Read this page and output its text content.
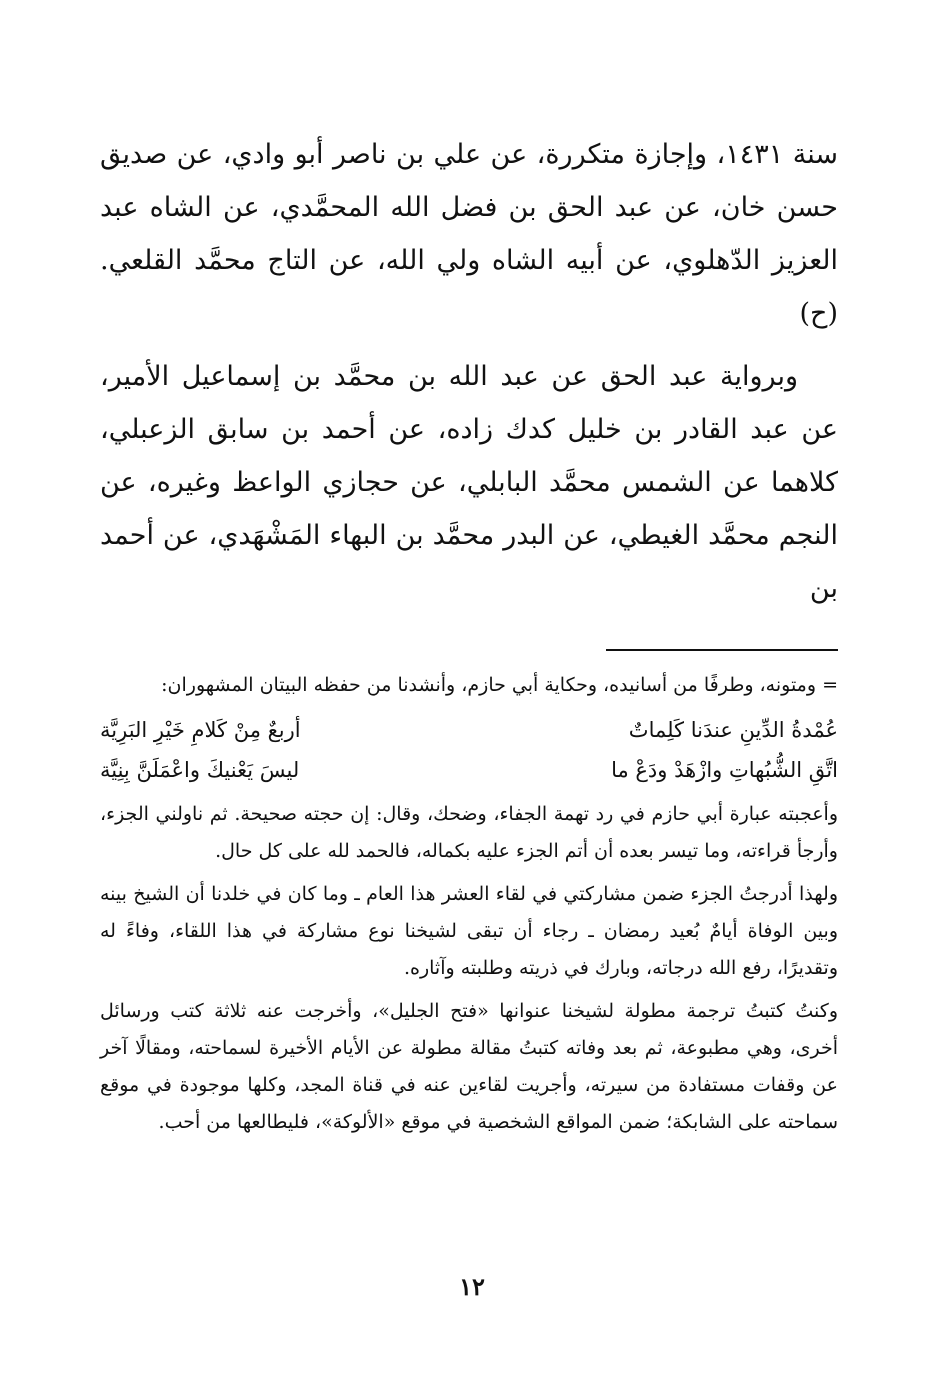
سنة ١٤٣١، وإجازة متكررة، عن علي بن ناصر أبو وادي، عن صديق حسن خان، عن عبد الحق بن فضل الله المحمَّدي، عن الشاه عبد العزيز الدّهلوي، عن أبيه الشاه ولي الله، عن التاج محمَّد القلعي. (ح)

وبرواية عبد الحق عن عبد الله بن محمَّد بن إسماعيل الأمير، عن عبد القادر بن خليل كدك زاده، عن أحمد بن سابق الزعبلي، كلاهما عن الشمس محمَّد البابلي، عن حجازي الواعظ وغيره، عن النجم محمَّد الغيطي، عن البدر محمَّد بن البهاء المَشْهَدي، عن أحمد بن

= ومتونه، وطرفًا من أسانيده، وحكاية أبي حازم، وأنشدنا من حفظه البيتان المشهوران:

عُمْدةُ الدِّينِ عندَنا كَلِماتٌ
أربعٌ مِنْ كَلامِ خَيْرِ البَرِيَّة
اتَّقِ الشُّبُهاتِ وازْهَدْ ودَعْ ما
ليسَ يَعْنيكَ واعْمَلَنَّ بِنِيَّة

وأعجبته عبارة أبي حازم في رد تهمة الجفاء، وضحك، وقال: إن حجته صحيحة. ثم ناولني الجزء، وأرجأ قراءته، وما تيسر بعده أن أتم الجزء عليه بكماله، فالحمد لله على كل حال.

ولهذا أدرجتُ الجزء ضمن مشاركتي في لقاء العشر هذا العام ـ وما كان في خلدنا أن الشيخ بينه وبين الوفاة أيامٌ بُعيد رمضان ـ رجاء أن تبقى لشيخنا نوع مشاركة في هذا اللقاء، وفاءً له وتقديرًا، رفع الله درجاته، وبارك في ذريته وطلبته وآثاره.

وكنتُ كتبتُ ترجمة مطولة لشيخنا عنوانها «فتح الجليل»، وأخرجت عنه ثلاثة كتب ورسائل أخرى، وهي مطبوعة، ثم بعد وفاته كتبتُ مقالة مطولة عن الأيام الأخيرة لسماحته، ومقالًا آخر عن وقفات مستفادة من سيرته، وأجريت لقاءين عنه في قناة المجد، وكلها موجودة في موقع سماحته على الشابكة؛ ضمن المواقع الشخصية في موقع «الألوكة»، فليطالعها من أحب.

١٢
